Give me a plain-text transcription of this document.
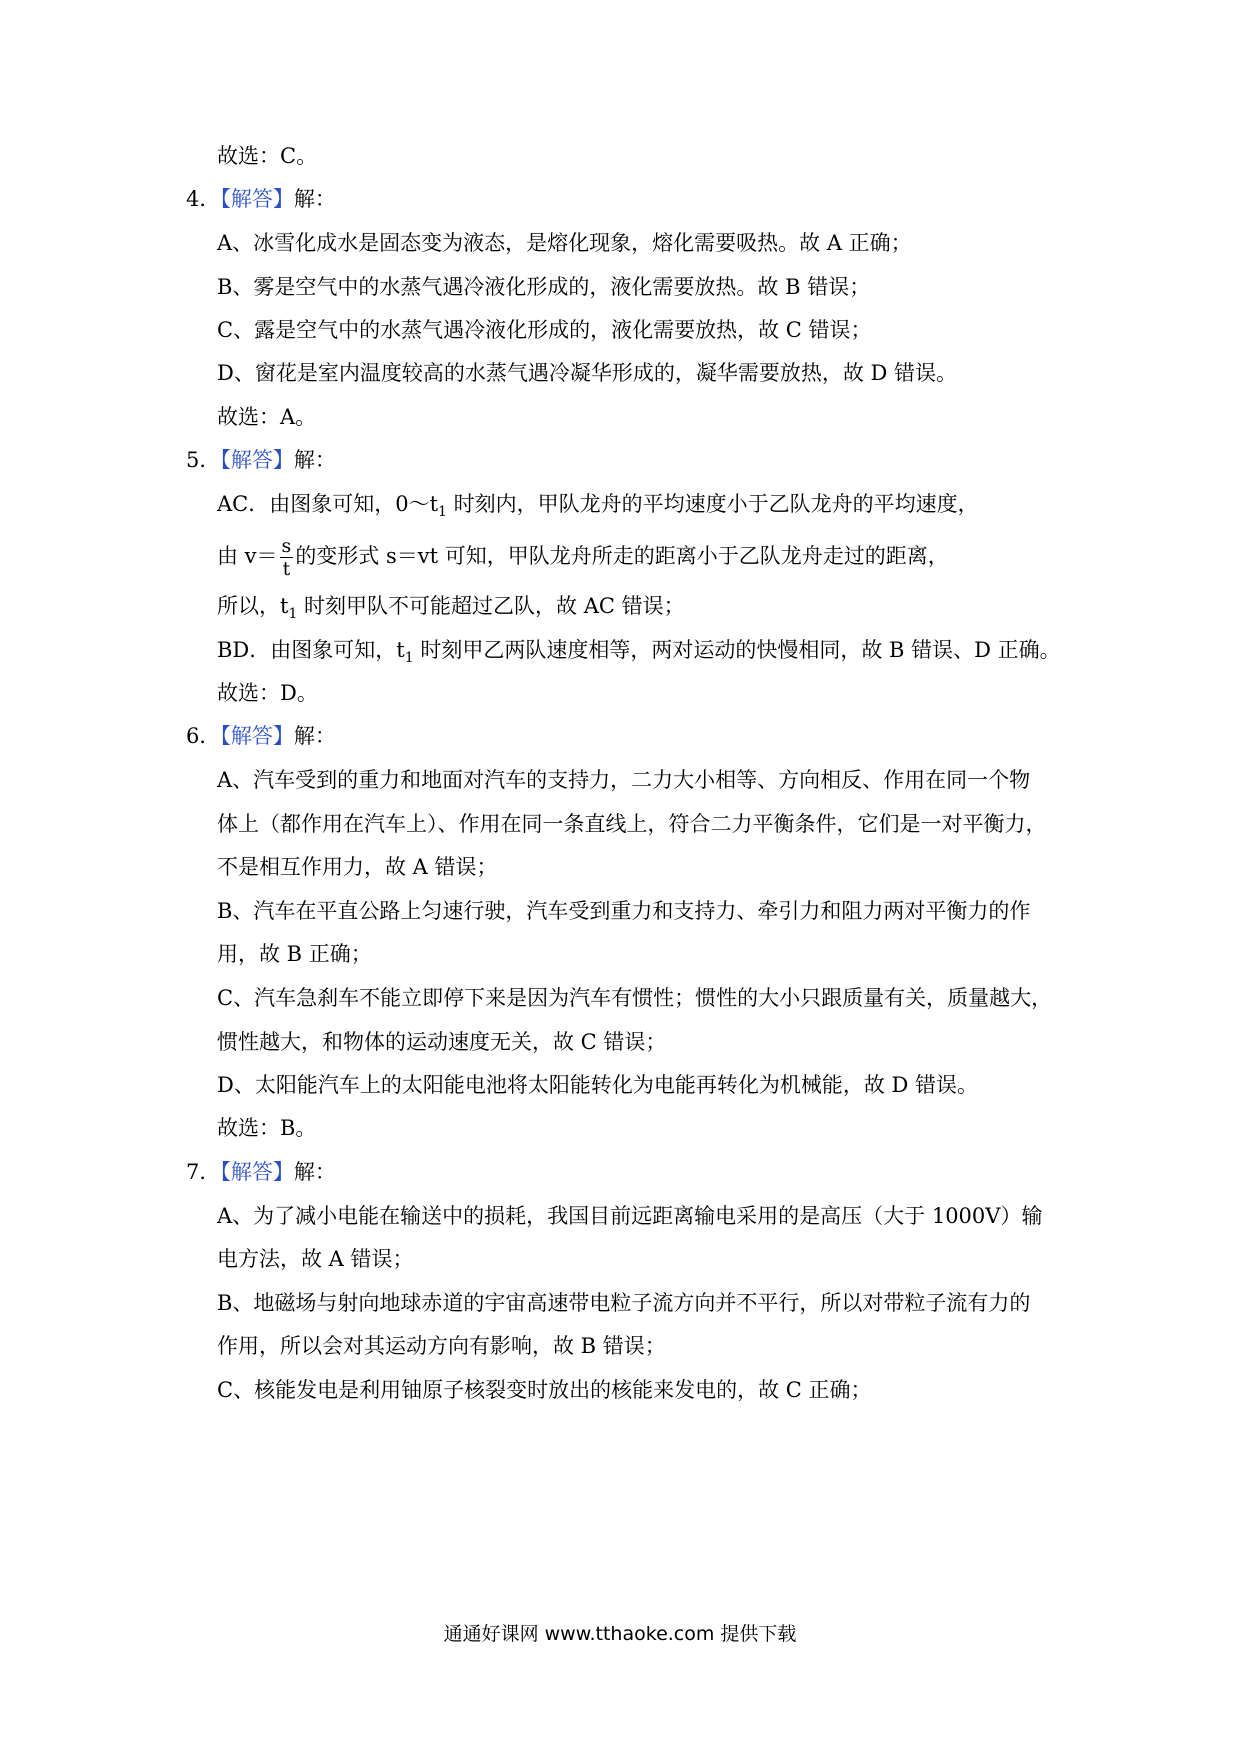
故选：C。
4．【解答】解：
A、冰雪化成水是固态变为液态，是熔化现象，熔化需要吸热。故 A 正确；
B、雾是空气中的水蒸气遇冷液化形成的，液化需要放热。故 B 错误；
C、露是空气中的水蒸气遇冷液化形成的，液化需要放热，故 C 错误；
D、窗花是室内温度较高的水蒸气遇冷凝华形成的，凝华需要放热，故 D 错误。
故选：A。
5．【解答】解：
AC．由图象可知，$0\sim t_1$ 时刻内，甲队龙舟的平均速度小于乙队龙舟的平均速度，
由 $v= \frac{s}{t}$ 的变形式 s＝vt 可知，甲队龙舟所走的距离小于乙队龙舟走过的距离，
所以，$t_1$ 时刻甲队不可能超过乙队，故 AC 错误；
BD．由图象可知，$t_1$ 时刻甲乙两队速度相等，两对运动的快慢相同，故 B 错误、D 正确。
故选：D。
6．【解答】解：
A、汽车受到的重力和地面对汽车的支持力，二力大小相等、方向相反、作用在同一个物
体上（都作用在汽车上）、作用在同一条直线上，符合二力平衡条件，它们是一对平衡力，
不是相互作用力，故 A 错误；
B、汽车在平直公路上匀速行驶，汽车受到重力和支持力、牵引力和阻力两对平衡力的作
用，故 B 正确；
C、汽车急刹车不能立即停下来是因为汽车有惯性；惯性的大小只跟质量有关，质量越大，
惯性越大，和物体的运动速度无关，故 C 错误；
D、太阳能汽车上的太阳能电池将太阳能转化为电能再转化为机械能，故 D 错误。
故选：B。
7．【解答】解：
A、为了减小电能在输送中的损耗，我国目前远距离输电采用的是高压（大于 1000V）输
电方法，故 A 错误；
B、地磁场与射向地球赤道的宇宙高速带电粒子流方向并不平行，所以对带粒子流有力的
作用，所以会对其运动方向有影响，故 B 错误；
C、核能发电是利用铀原子核裂变时放出的核能来发电的，故 C 正确；
通通好课网 www.tthaoke.com 提供下载
